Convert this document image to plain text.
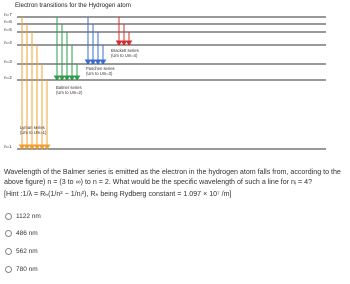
Electron transitions for the Hydrogen atom
n=7
n=6
n=5
n=4
n=3
n=2
n=1
Lyman series
(Um to Um=1)
Balmer series
(Um to Um=2)
Paschen series
(Um to Um=3)
Brackett series
(Um to Um=4)
Wavelength of the Balmer series is emitted as the electron in the hydrogen atom falls from, according to the above figure) n = (3 to ∞) to n = 2. What would be the specific wavelength of such a line for nᵢ = 4?
[Hint :1/λ = Rₕ(1/n² − 1/nᵢ²), Rₕ being Rydberg constant = 1.097 × 10⁷ /m]
1122 nm
486 nm
562 nm
780 nm
